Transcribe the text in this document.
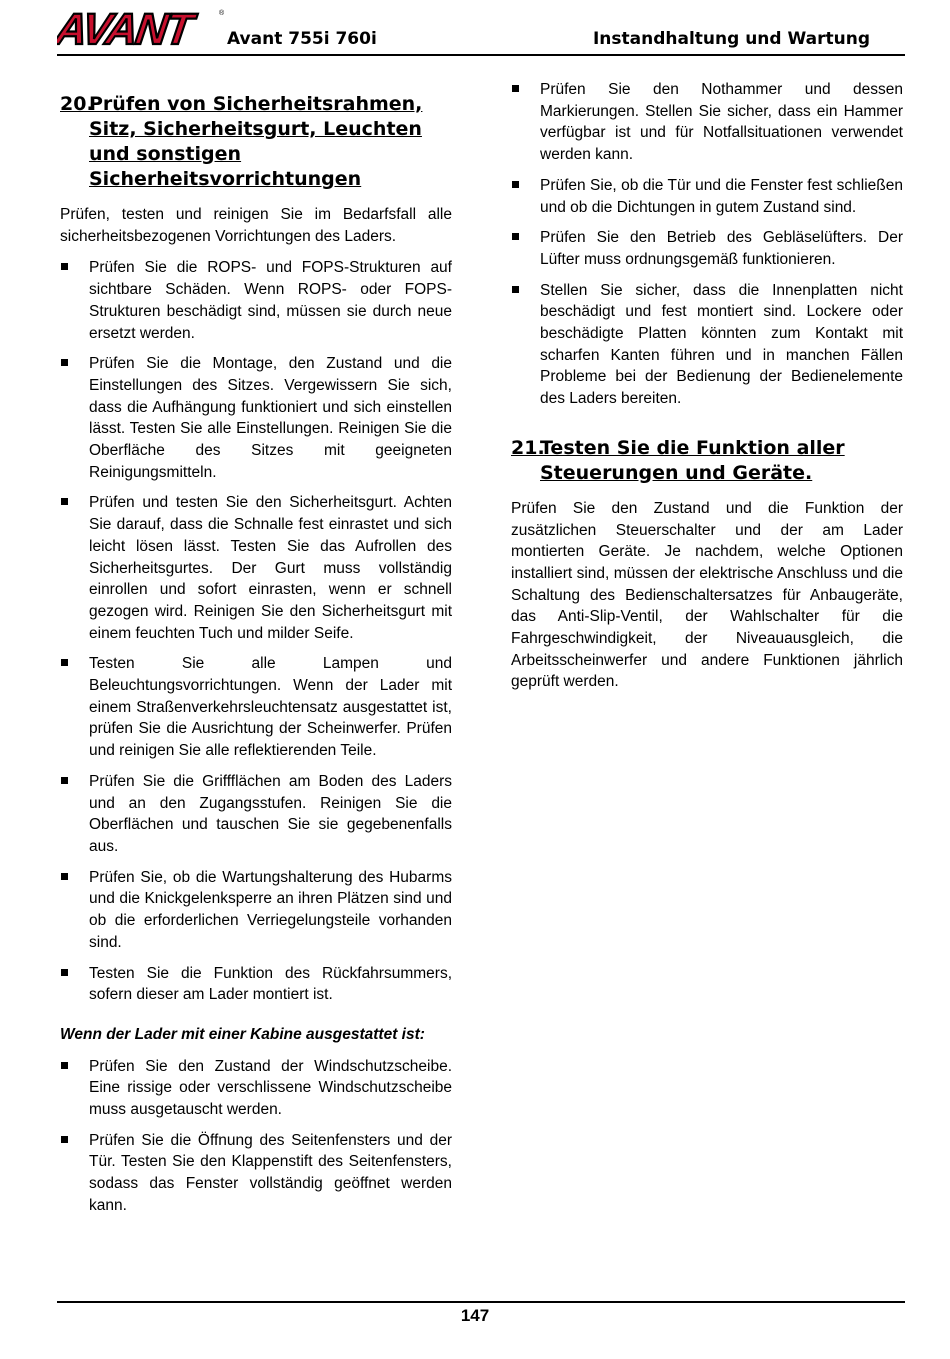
AVANT	®
Avant 755i 760i	Instandhaltung und Wartung
20.
Prüfen von Sicherheitsrahmen, Sitz, Sicherheitsgurt, Leuchten und sonstigen Sicherheitsvorrichtungen

Prüfen, testen und reinigen Sie im Bedarfsfall alle sicherheitsbezogenen Vorrichtungen des Laders.

Prüfen Sie die ROPS- und FOPS-Strukturen auf sichtbare Schäden. Wenn ROPS- oder FOPS-Strukturen beschädigt sind, müssen sie durch neue ersetzt werden.
Prüfen Sie die Montage, den Zustand und die Einstellungen des Sitzes. Vergewissern Sie sich, dass die Aufhängung funktioniert und sich einstellen lässt. Testen Sie alle Einstellungen. Reinigen Sie die Oberfläche des Sitzes mit geeigneten Reinigungsmitteln.
Prüfen und testen Sie den Sicherheitsgurt. Achten Sie darauf, dass die Schnalle fest einrastet und sich leicht lösen lässt. Testen Sie das Aufrollen des Sicherheitsgurtes. Der Gurt muss vollständig einrollen und sofort einrasten, wenn er schnell gezogen wird. Reinigen Sie den Sicherheitsgurt mit einem feuchten Tuch und milder Seife.
Testen Sie alle Lampen und Beleuchtungsvorrichtungen. Wenn der Lader mit einem Straßenverkehrsleuchtensatz ausgestattet ist, prüfen Sie die Ausrichtung der Scheinwerfer. Prüfen und reinigen Sie alle reflektierenden Teile.
Prüfen Sie die Griffflächen am Boden des Laders und an den Zugangsstufen. Reinigen Sie die Oberflächen und tauschen Sie sie gegebenenfalls aus.
Prüfen Sie, ob die Wartungshalterung des Hubarms und die Knickgelenksperre an ihren Plätzen sind und ob die erforderlichen Verriegelungsteile vorhanden sind.
Testen Sie die Funktion des Rückfahrsummers, sofern dieser am Lader montiert ist.
Wenn der Lader mit einer Kabine ausgestattet ist:
Prüfen Sie den Zustand der Windschutzscheibe. Eine rissige oder verschlissene Windschutzscheibe muss ausgetauscht werden.
Prüfen Sie die Öffnung des Seitenfensters und der Tür. Testen Sie den Klappenstift des Seitenfensters, sodass das Fenster vollständig geöffnet werden kann.
Prüfen Sie den Nothammer und dessen Markierungen. Stellen Sie sicher, dass ein Hammer verfügbar ist und für Notfallsituationen verwendet werden kann.
Prüfen Sie, ob die Tür und die Fenster fest schließen und ob die Dichtungen in gutem Zustand sind.
Prüfen Sie den Betrieb des Gebläselüfters. Der Lüfter muss ordnungsgemäß funktionieren.
Stellen Sie sicher, dass die Innenplatten nicht beschädigt und fest montiert sind. Lockere oder beschädigte Platten könnten zum Kontakt mit scharfen Kanten führen und in manchen Fällen Probleme bei der Bedienung der Bedienelemente des Laders bereiten.
21.
Testen Sie die Funktion aller Steuerungen und Geräte.

Prüfen Sie den Zustand und die Funktion der zusätzlichen Steuerschalter und der am Lader montierten Geräte. Je nachdem, welche Optionen installiert sind, müssen der elektrische Anschluss und die Schaltung des Bedienschaltersatzes für Anbaugeräte, das Anti-Slip-Ventil, der Wahlschalter für die Fahrgeschwindigkeit, der Niveauausgleich, die Arbeitsscheinwerfer und andere Funktionen jährlich geprüft werden.

147
